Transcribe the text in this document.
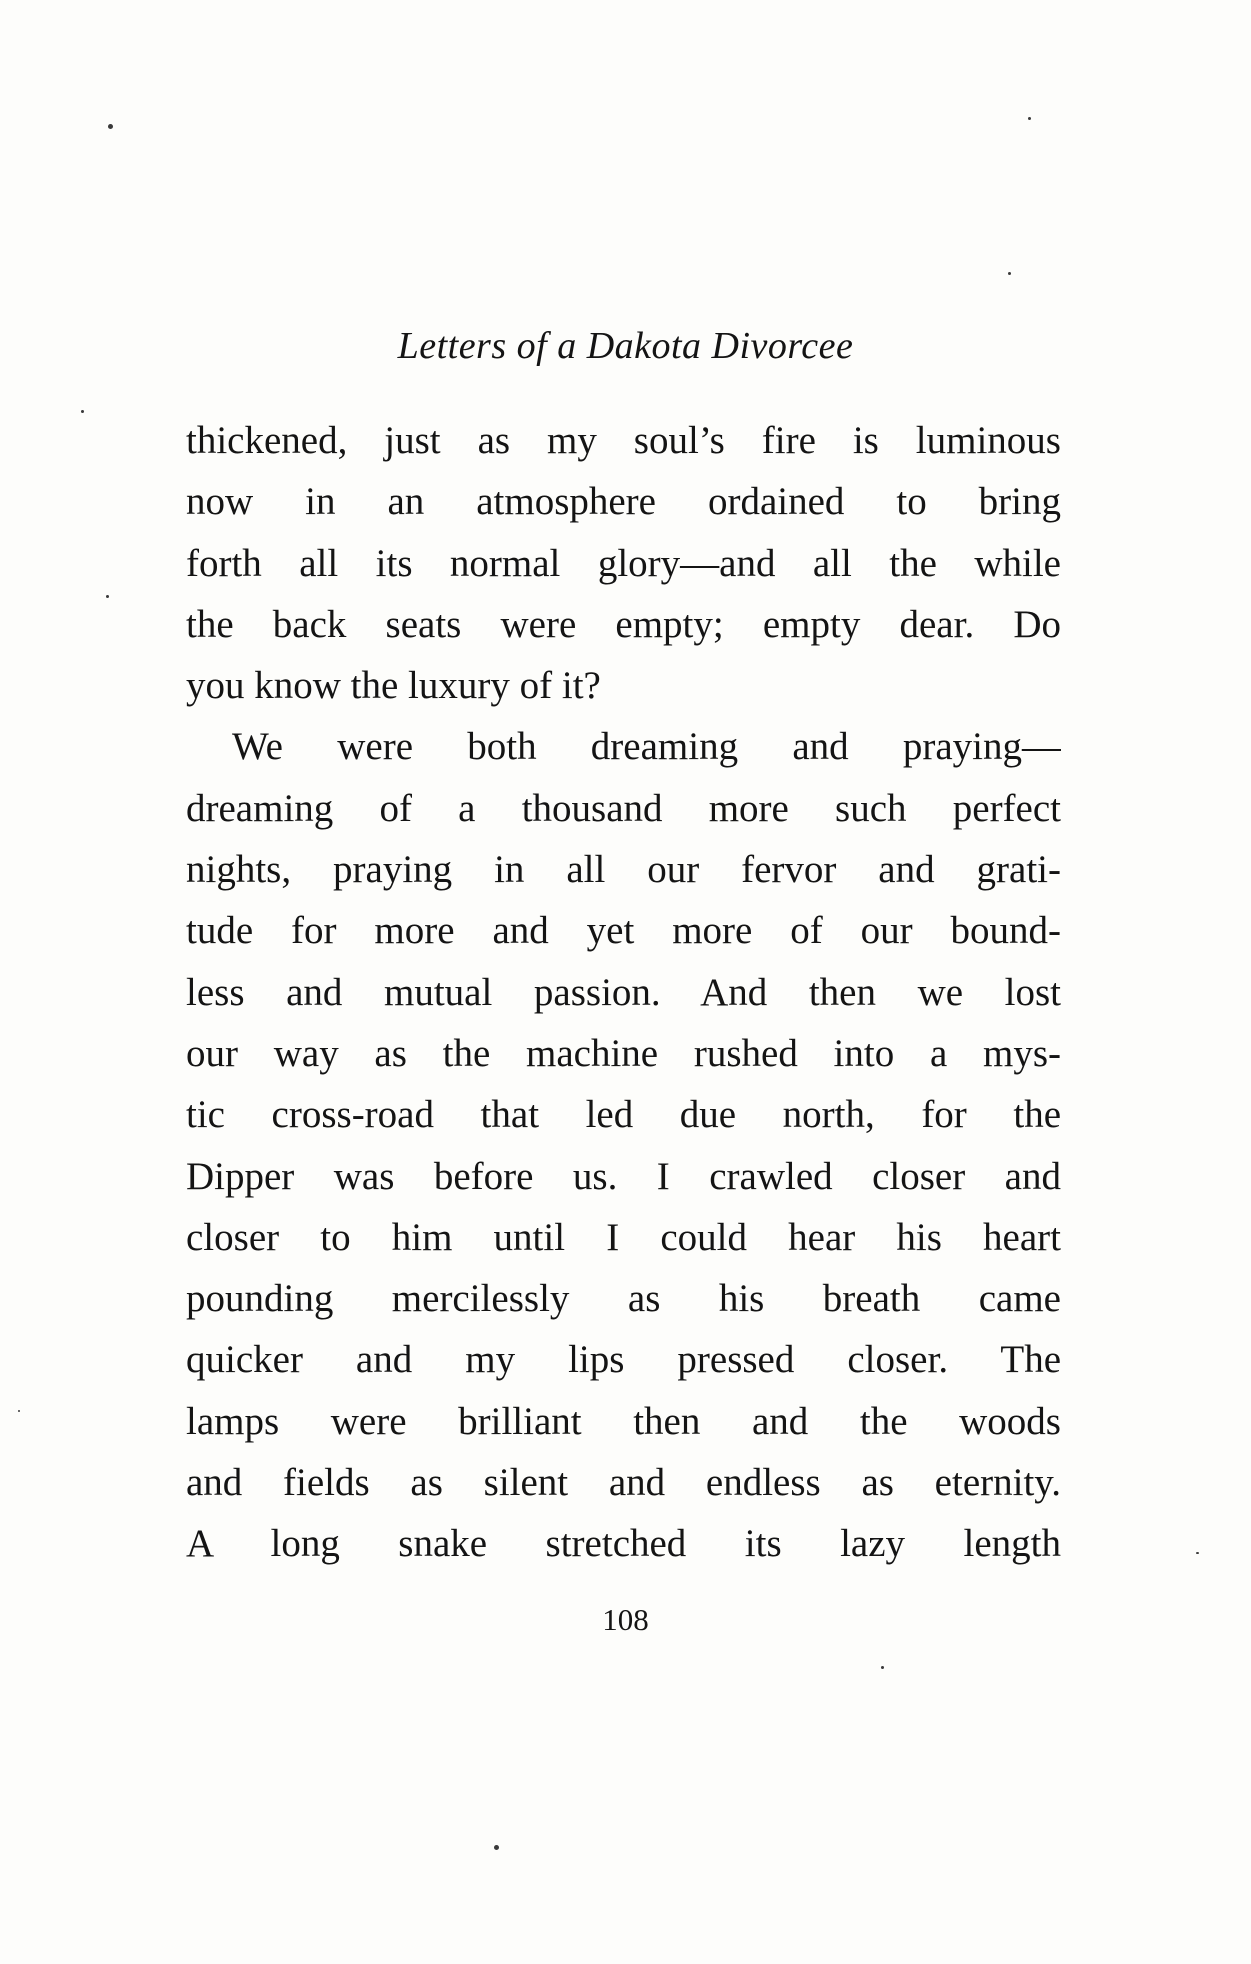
Letters of a Dakota Divorcee
thickened, just as my soul’s fire is luminous
now in an atmosphere ordained to bring
forth all its normal glory—and all the while
the back seats were empty; empty dear. Do
you know the luxury of it?
We were both dreaming and praying—
dreaming of a thousand more such perfect
nights, praying in all our fervor and grati-
tude for more and yet more of our bound-
less and mutual passion. And then we lost
our way as the machine rushed into a mys-
tic cross-road that led due north, for the
Dipper was before us. I crawled closer and
closer to him until I could hear his heart
pounding mercilessly as his breath came
quicker and my lips pressed closer. The
lamps were brilliant then and the woods
and fields as silent and endless as eternity.
A long snake stretched its lazy length
108
